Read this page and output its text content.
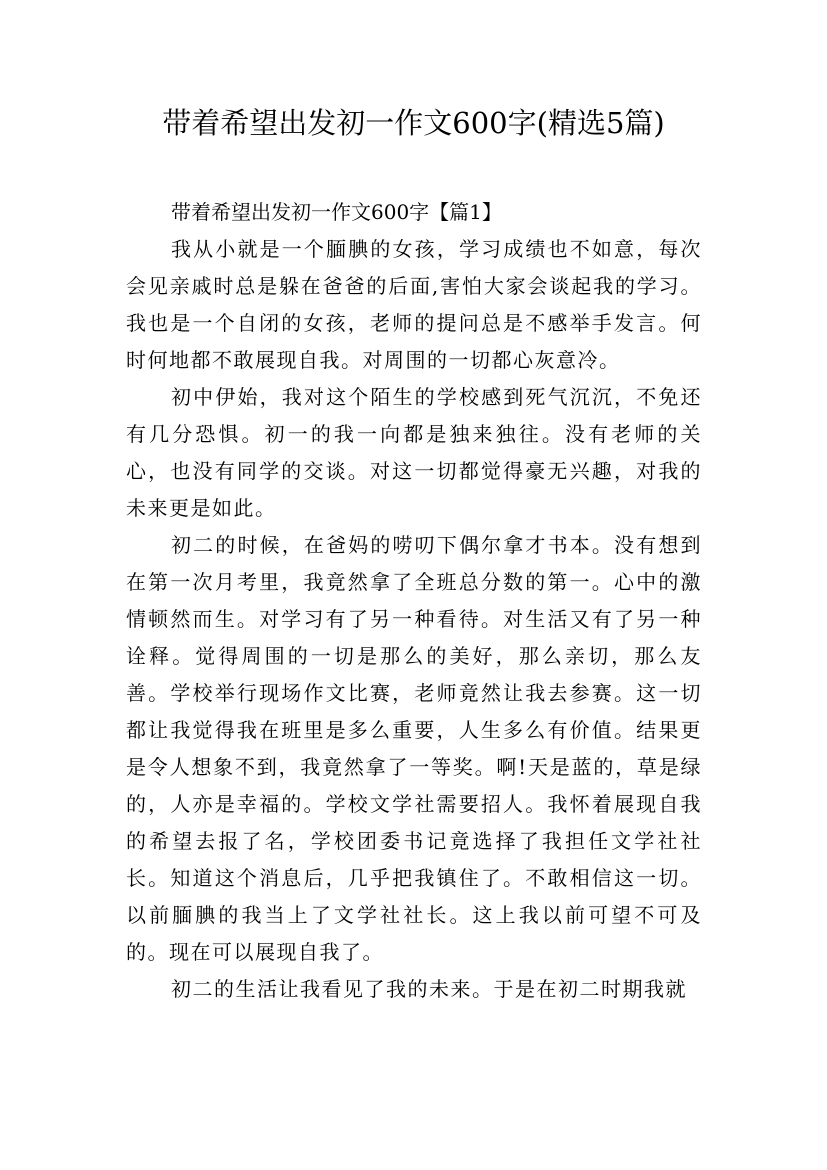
带着希望出发初一作文600字(精选5篇)

带着希望出发初一作文600字【篇1】

我从小就是一个腼腆的女孩，学习成绩也不如意，每次会见亲戚时总是躲在爸爸的后面,害怕大家会谈起我的学习。我也是一个自闭的女孩，老师的提问总是不感举手发言。何时何地都不敢展现自我。对周围的一切都心灰意冷。

初中伊始，我对这个陌生的学校感到死气沉沉，不免还有几分恐惧。初一的我一向都是独来独往。没有老师的关心，也没有同学的交谈。对这一切都觉得豪无兴趣，对我的未来更是如此。

初二的时候，在爸妈的唠叨下偶尔拿才书本。没有想到在第一次月考里，我竟然拿了全班总分数的第一。心中的激情顿然而生。对学习有了另一种看待。对生活又有了另一种诠释。觉得周围的一切是那么的美好，那么亲切，那么友善。学校举行现场作文比赛，老师竟然让我去参赛。这一切都让我觉得我在班里是多么重要，人生多么有价值。结果更是令人想象不到，我竟然拿了一等奖。啊!天是蓝的，草是绿的，人亦是幸福的。学校文学社需要招人。我怀着展现自我的希望去报了名，学校团委书记竟选择了我担任文学社社长。知道这个消息后，几乎把我镇住了。不敢相信这一切。以前腼腆的我当上了文学社社长。这上我以前可望不可及的。现在可以展现自我了。

初二的生活让我看见了我的未来。于是在初二时期我就
